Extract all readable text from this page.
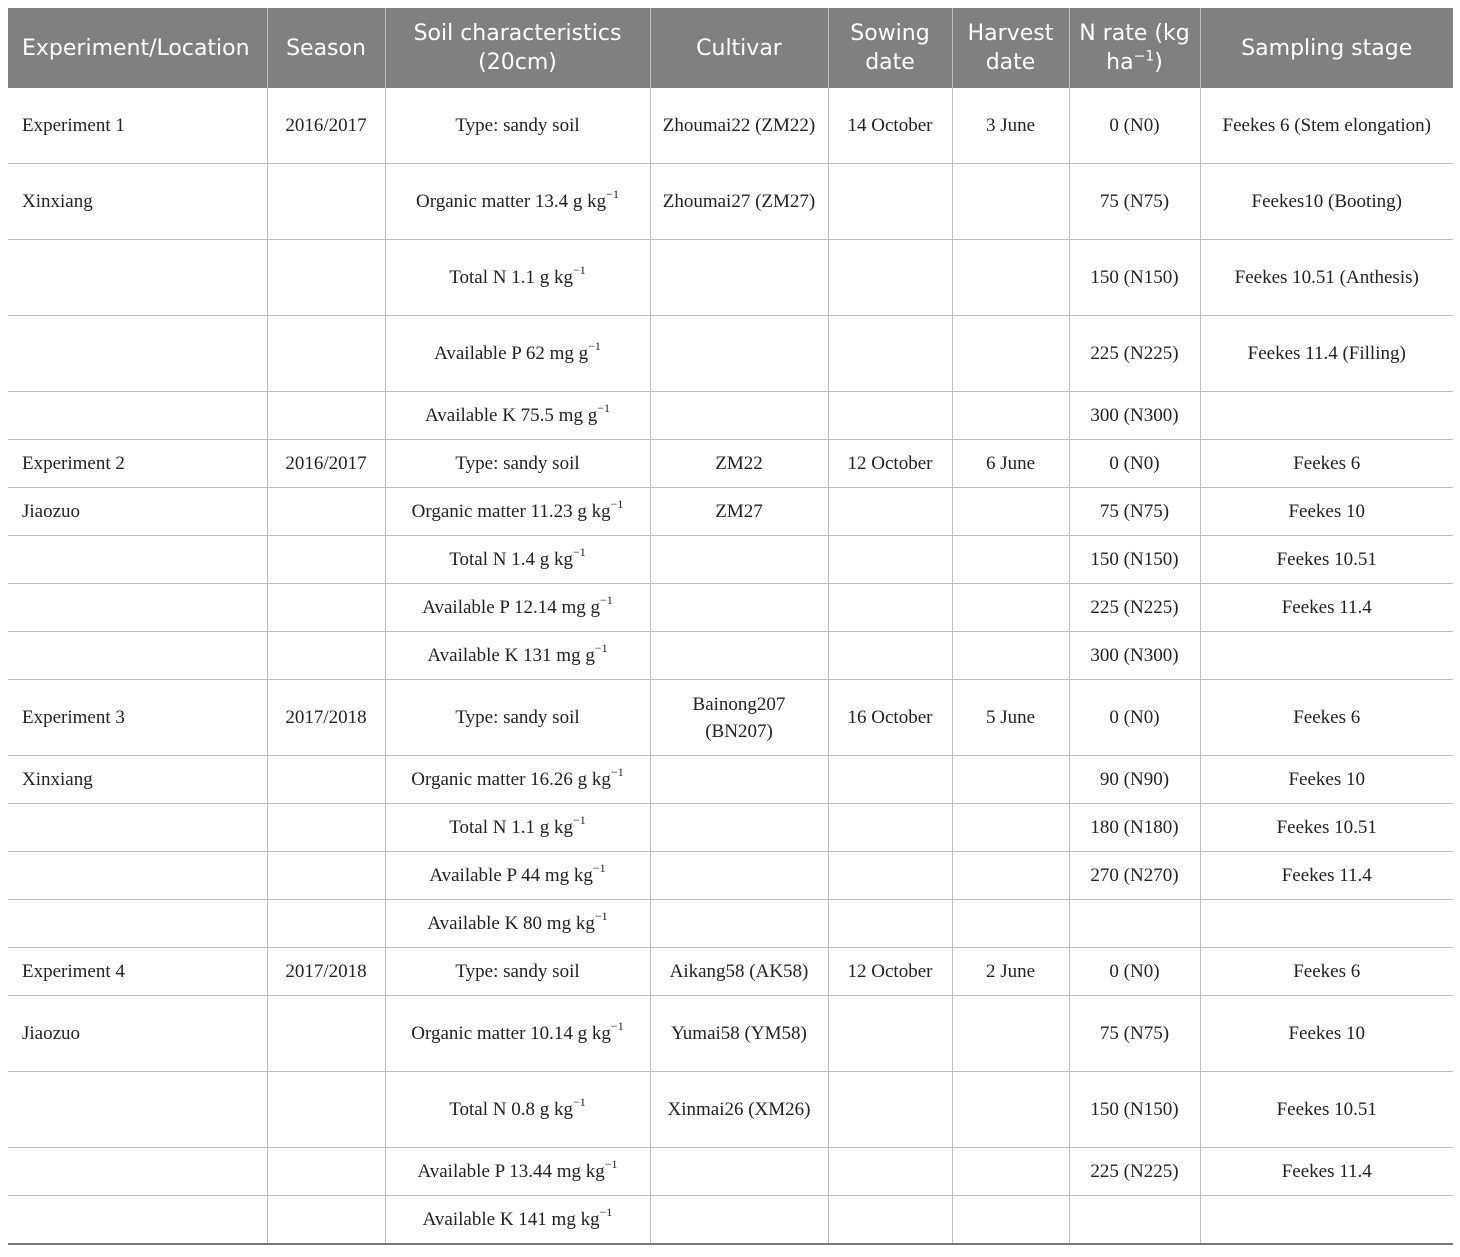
Experiment/Location	Season	Soil characteristics (20cm)	Cultivar	Sowing date	Harvest date	N rate (kg $ha^{-1}$)	Sampling stage
Experiment 1	2016/2017	Type: sandy soil	Zhoumai22 (ZM22)	14 October	3 June	0 (N0)	Feekes 6 (Stem elongation)
Xinxiang		Organic matter 13.4 g $kg^{-1}$	Zhoumai27 (ZM27)			75 (N75)	Feekes10 (Booting)
		Total N 1.1 g $kg^{-1}$				150 (N150)	Feekes 10.51 (Anthesis)
		Available P 62 mg $g^{-1}$				225 (N225)	Feekes 11.4 (Filling)
		Available K 75.5 mg $g^{-1}$				300 (N300)	
Experiment 2	2016/2017	Type: sandy soil	ZM22	12 October	6 June	0 (N0)	Feekes 6
Jiaozuo		Organic matter 11.23 g $kg^{-1}$	ZM27			75 (N75)	Feekes 10
		Total N 1.4 g $kg^{-1}$				150 (N150)	Feekes 10.51
		Available P 12.14 mg $g^{-1}$				225 (N225)	Feekes 11.4
		Available K 131 mg $g^{-1}$				300 (N300)	
Experiment 3	2017/2018	Type: sandy soil	Bainong207 (BN207)	16 October	5 June	0 (N0)	Feekes 6
Xinxiang		Organic matter 16.26 g $kg^{-1}$				90 (N90)	Feekes 10
		Total N 1.1 g $kg^{-1}$				180 (N180)	Feekes 10.51
		Available P 44 mg $kg^{-1}$				270 (N270)	Feekes 11.4
		Available K 80 mg $kg^{-1}$					
Experiment 4	2017/2018	Type: sandy soil	Aikang58 (AK58)	12 October	2 June	0 (N0)	Feekes 6
Jiaozuo		Organic matter 10.14 g $kg^{-1}$	Yumai58 (YM58)			75 (N75)	Feekes 10
		Total N 0.8 g $kg^{-1}$	Xinmai26 (XM26)			150 (N150)	Feekes 10.51
		Available P 13.44 mg $kg^{-1}$				225 (N225)	Feekes 11.4
		Available K 141 mg $kg^{-1}$					
